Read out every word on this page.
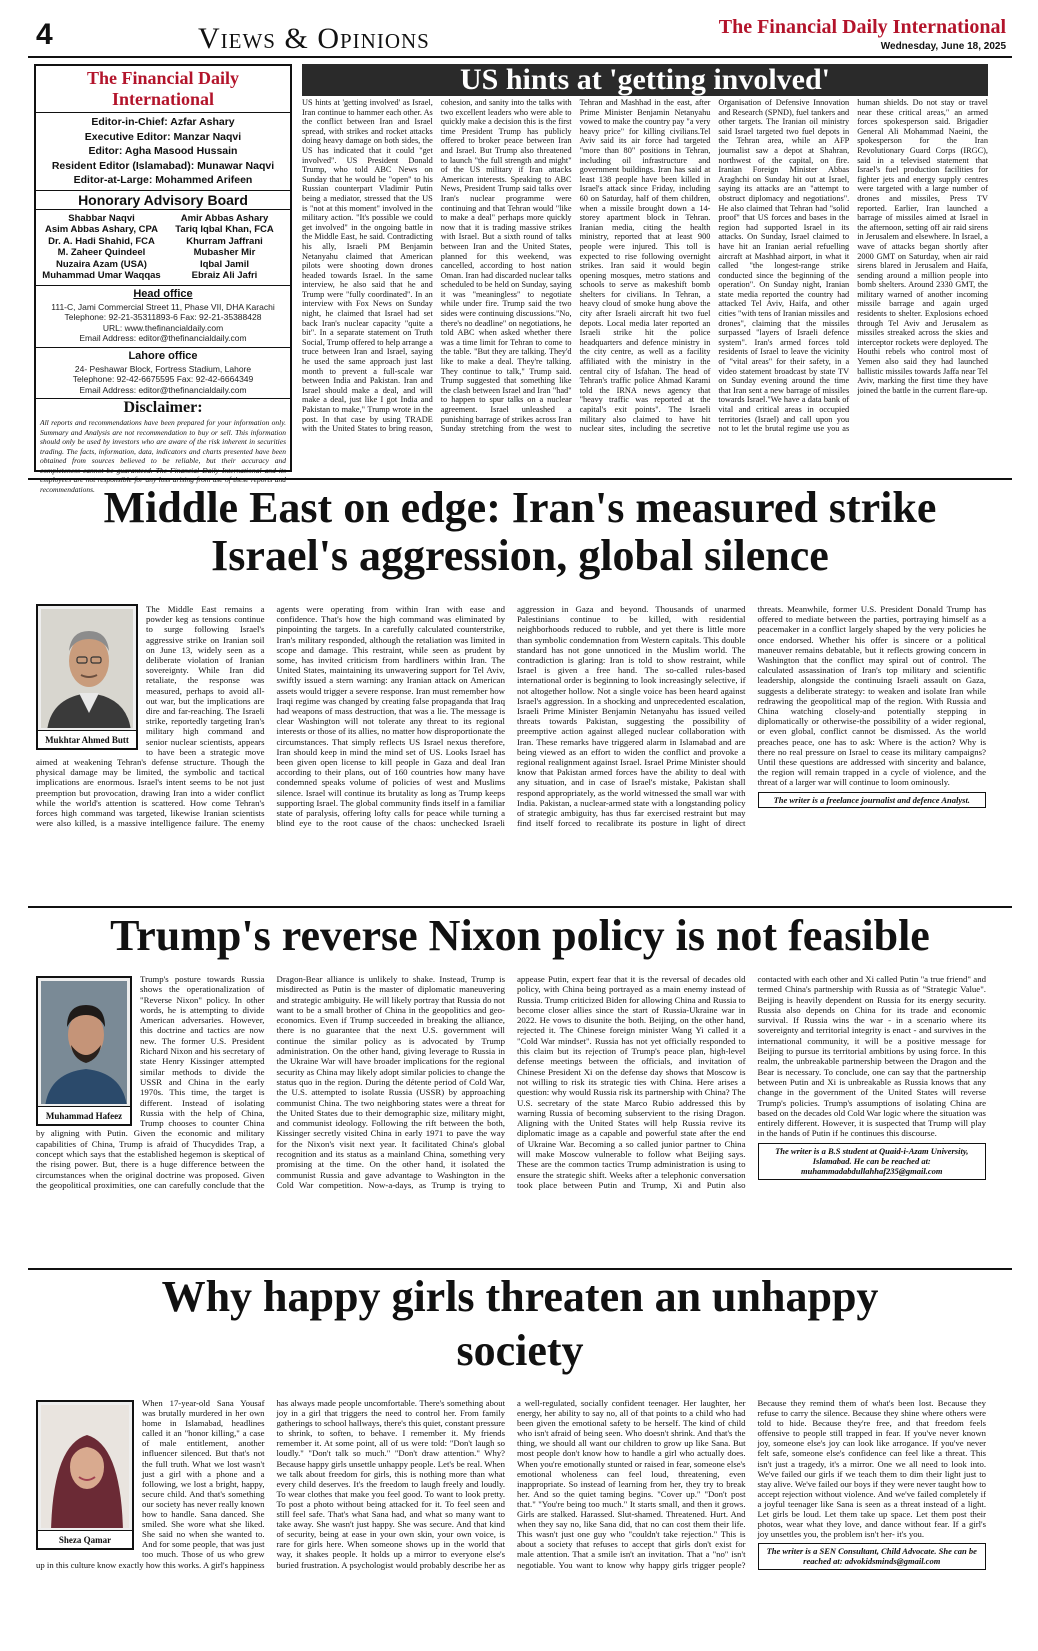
4	Views & Opinions	The Financial Daily International
Wednesday, June 18, 2025
The Financial Daily International
Editor-in-Chief: Azfar Ashary
Executive Editor: Manzar Naqvi
Editor: Agha Masood Hussain
Resident Editor (Islamabad): Munawar Naqvi
Editor-at-Large: Mohammed Arifeen
Honorary Advisory Board
Shabbar Naqvi
Asim Abbas Ashary, CPA
Dr. A. Hadi Shahid, FCA
M. Zaheer Quindeel
Nuzaira Azam (USA)
Muhammad Umar Waqqas
Amir Abbas Ashary
Tariq Iqbal Khan, FCA
Khurram Jaffrani
Mubasher Mir
Iqbal Jamil
Ebraiz Ali Jafri
Head office
111-C, Jami Commercial Street 11, Phase VII, DHA Karachi
Telephone: 92-21-35311893-6 Fax: 92-21-35388428
URL: www.thefinancialdaily.com
Email Address: editor@thefinancialdaily.com
Lahore office
24- Peshawar Block, Fortress Stadium, Lahore
Telephone: 92-42-6675595 Fax: 92-42-6664349
Email Address: editor@thefinancialdaily.com
Disclaimer:
All reports and recommendations have been prepared for your information only. Summary and Analysis are not recommendation to buy or sell. This information should only be used by investors who are aware of the risk inherent in securities trading. The facts, information, data, indicators and charts presented have been obtained from sources believed to be reliable, but their accuracy and completeness cannot be guaranteed. The Financial Daily International and its recommendations.
US hints at 'getting involved'
US hints at 'getting involved' as Israel, Iran continue to hammer each other. As the conflict between Iran and Israel spread, with strikes and rocket attacks doing heavy damage on both sides, the US has indicated that it could "get involved". US President Donald Trump, who told ABC News on Sunday that he would be "open" to his Russian counterpart Vladimir Putin being a mediator, stressed that the US is "not at this moment" involved in the military action. "It's possible we could get involved" in the ongoing battle in the Middle East, he said. Contradicting his ally, Israeli PM Benjamin Netanyahu claimed that American pilots were shooting down drones headed towards Israel. In the same interview, he also said that he and Trump were "fully coordinated". In an interview with Fox News on Sunday night, he claimed that Israel had set back Iran's nuclear capacity "quite a bit". In a separate statement on Truth Social, Trump offered to help arrange a truce between Iran and Israel, saying he used the same approach just last month to prevent a full-scale war between India and Pakistan. Iran and Israel should make a deal, and will make a deal, just like I got India and Pakistan to make," Trump wrote in the post. In that case by using TRADE with the United States to bring reason, cohesion, and sanity into the talks with two excellent leaders who were able to quickly make a decision this is the first time President Trump has publicly offered to broker peace between Iran and Israel. But Trump also threatened to launch "the full strength and might" of the US military if Iran attacks American interests. Speaking to ABC News, President Trump said talks over Iran's nuclear programme were continuing and that Tehran would "like to make a deal" perhaps more quickly now that it is trading massive strikes with Israel. But a sixth round of talks between Iran and the United States, planned for this weekend, was cancelled, according to host nation Oman. Iran had discarded nuclear talks scheduled to be held on Sunday, saying it was "meaningless" to negotiate while under fire. Trump said the two sides were continuing discussions."No, there's no deadline" on negotiations, he told ABC when asked whether there was a time limit for Tehran to come to the table. "But they are talking. They'd like to make a deal. They're talking. They continue to talk," Trump said. Trump suggested that something like the clash between Israel and Iran "had" to happen to spur talks on a nuclear agreement. Israel unleashed a punishing barrage of strikes across Iran Sunday stretching from the west to Tehran and Mashhad in the east, after Prime Minister Benjamin Netanyahu vowed to make the country pay "a very heavy price" for killing civilians.Tel Aviv said its air force had targeted "more than 80" positions in Tehran, including oil infrastructure and government buildings. Iran has said at least 138 people have been killed in Israel's attack since Friday, including 60 on Saturday, half of them children, when a missile brought down a 14-storey apartment block in Tehran. Iranian media, citing the health ministry, reported that at least 900 people were injured. This toll is expected to rise following overnight strikes. Iran said it would begin opening mosques, metro stations and schools to serve as makeshift bomb shelters for civilians. In Tehran, a heavy cloud of smoke hung above the city after Israeli aircraft hit two fuel depots. Local media later reported an Israeli strike hit the police headquarters and defence ministry in the city centre, as well as a facility affiliated with the ministry in the central city of Isfahan. The head of Tehran's traffic police Ahmad Karami told the IRNA news agency that "heavy traffic was reported at the capital's exit points". The Israeli military also claimed to have hit nuclear sites, including the secretive Organisation of Defensive Innovation and Research (SPND), fuel tankers and other targets. The Iranian oil ministry said Israel targeted two fuel depots in the Tehran area, while an AFP journalist saw a depot at Shahran, northwest of the capital, on fire. Iranian Foreign Minister Abbas Araghchi on Sunday hit out at Israel, saying its attacks are an "attempt to obstruct diplomacy and negotiations". He also claimed that Tehran had "solid proof" that US forces and bases in the region had supported Israel in its attacks. On Sunday, Israel claimed to have hit an Iranian aerial refuelling aircraft at Mashhad airport, in what it called "the longest-range strike conducted since the beginning of the operation". On Sunday night, Iranian state media reported the country had attacked Tel Aviv, Haifa, and other cities "with tens of Iranian missiles and drones", claiming that the missiles surpassed "layers of Israeli defence system". Iran's armed forces told residents of Israel to leave the vicinity of "vital areas" for their safety, in a video statement broadcast by state TV on Sunday evening around the time that Iran sent a new barrage of missiles towards Israel."We have a data bank of vital and critical areas in occupied territories (Israel) and call upon you not to let the brutal regime use you as human shields. Do not stay or travel near these critical areas," an armed forces spokesperson said. Brigadier General Ali Mohammad Naeini, the spokesperson for the Iran Revolutionary Guard Corps (IRGC), said in a televised statement that Israel's fuel production facilities for fighter jets and energy supply centres were targeted with a large number of drones and missiles, Press TV reported. Earlier, Iran launched a barrage of missiles aimed at Israel in the afternoon, setting off air raid sirens in Jerusalem and elsewhere. In Israel, a wave of attacks began shortly after 2000 GMT on Saturday, when air raid sirens blared in Jerusalem and Haifa, sending around a million people into bomb shelters. Around 2330 GMT, the military warned of another incoming missile barrage and again urged residents to shelter. Explosions echoed through Tel Aviv and Jerusalem as missiles streaked across the skies and interceptor rockets were deployed. The Houthi rebels who control most of Yemen also said they had launched ballistic missiles towards Jaffa near Tel Aviv, marking the first time they have joined the battle in the current flare-up.
Middle East on edge: Iran's measured strike
Israel's aggression, global silence
Mukhtar Ahmed Butt
The Middle East remains a powder keg as tensions continue to surge following Israel's aggressive strike on Iranian soil on June 13, widely seen as a deliberate violation of Iranian sovereignty. While Iran did retaliate, the response was measured, perhaps to avoid all-out war, but the implications are dire and far-reaching. The Israeli strike, reportedly targeting Iran's military high command and senior nuclear scientists, appears to have been a strategic move aimed at weakening Tehran's defense structure. Though the physical damage may be limited, the symbolic and tactical implications are enormous. Israel's intent seems to be not just preemption but provocation, drawing Iran into a wider conflict while the world's attention is scattered. How come Tehran's forces high command was targeted, likewise Iranian scientists were also killed, is a massive intelligence failure. The enemy agents were operating from within Iran with ease and confidence. That's how the high command was eliminated by pinpointing the targets. In a carefully calculated counterstrike, Iran's military responded, although the retaliation was limited in scope and damage. This restraint, while seen as prudent by some, has invited criticism from hardliners within Iran. The United States, maintaining its unwavering support for Tel Aviv, swiftly issued a stern warning: any Iranian attack on American assets would trigger a severe response. Iran must remember how Iraqi regime was changed by creating false propaganda that Iraq had weapons of mass destruction, that was a lie. The message is clear Washington will not tolerate any threat to its regional interests or those of its allies, no matter how disproportionate the circumstances. That simply reflects US Israel nexus therefore, Iran should keep in mind the mind set of US. Looks Israel has been given open license to kill people in Gaza and deal Iran according to their plans, out of 160 countries how many have condemned speaks volume of policies of west and Muslims silence. Israel will continue its brutality as long as Trump keeps supporting Israel. The global community finds itself in a familiar state of paralysis, offering lofty calls for peace while turning a blind eye to the root cause of the chaos: unchecked Israeli aggression in Gaza and beyond. Thousands of unarmed Palestinians continue to be killed, with residential neighborhoods reduced to rubble, and yet there is little more than symbolic condemnation from Western capitals. This double standard has not gone unnoticed in the Muslim world. The contradiction is glaring: Iran is told to show restraint, while Israel is given a free hand. The so-called rules-based international order is beginning to look increasingly selective, if not altogether hollow. Not a single voice has been heard against Israel's aggression. In a shocking and unprecedented escalation, Israeli Prime Minister Benjamin Netanyahu has issued veiled threats towards Pakistan, suggesting the possibility of preemptive action against alleged nuclear collaboration with Iran. These remarks have triggered alarm in Islamabad and are being viewed as an effort to widen the conflict and provoke a regional realignment against Israel. Israel Prime Minister should know that Pakistan armed forces have the ability to deal with any situation, and in case of Israel's mistake, Pakistan shall respond appropriately, as the world witnessed the small war with India. Pakistan, a nuclear-armed state with a longstanding policy of strategic ambiguity, has thus far exercised restraint but may find itself forced to recalibrate its posture in light of direct threats. Meanwhile, former U.S. President Donald Trump has offered to mediate between the parties, portraying himself as a peacemaker in a conflict largely shaped by the very policies he once endorsed. Whether his offer is sincere or a political maneuver remains debatable, but it reflects growing concern in Washington that the conflict may spiral out of control. The calculated assassination of Iran's top military and scientific leadership, alongside the continuing Israeli assault on Gaza, suggests a deliberate strategy: to weaken and isolate Iran while redrawing the geopolitical map of the region. With Russia and China watching closely-and potentially stepping in diplomatically or otherwise-the possibility of a wider regional, or even global, conflict cannot be dismissed. As the world preaches peace, one has to ask: Where is the action? Why is there no real pressure on Israel to cease its military campaigns? Until these questions are addressed with sincerity and balance, the region will remain trapped in a cycle of violence, and the threat of a larger war will continue to loom ominously.
The writer is a freelance journalist and defence Analyst.
Trump's reverse Nixon policy is not feasible
Muhammad Hafeez
Trump's posture towards Russia shows the operationalization of "Reverse Nixon" policy. In other words, he is attempting to divide American adversaries. However, this doctrine and tactics are now new. The former U.S. President Richard Nixon and his secretary of state Henry Kissinger attempted similar methods to divide the USSR and China in the early 1970s. This time, the target is different. Instead of isolating Russia with the help of China, Trump chooses to counter China by aligning with Putin. Given the economic and military capabilities of China, Trump is afraid of Thucydides Trap, a concept which says that the established hegemon is skeptical of the rising power. But, there is a huge difference between the circumstances when the original doctrine was proposed. Given the geopolitical proximities, one can carefully conclude that the Dragon-Bear alliance is unlikely to shake. Instead, Trump is misdirected as Putin is the master of diplomatic maneuvering and strategic ambiguity. He will likely portray that Russia do not want to be a small brother of China in the geopolitics and geo-economics. Even if Trump succeeded in breaking the alliance, there is no guarantee that the next U.S. government will continue the similar policy as is advocated by Trump administration. On the other hand, giving leverage to Russia in the Ukraine War will have broader implications for the regional security as China may likely adopt similar policies to change the status quo in the region. During the détente period of Cold War, the U.S. attempted to isolate Russia (USSR) by approaching communist China. The two neighboring states were a threat for the United States due to their demographic size, military might, and communist ideology. Following the rift between the both, Kissinger secretly visited China in early 1971 to pave the way for the Nixon's visit next year. It facilitated China's global recognition and its status as a mainland China, something very promising at the time. On the other hand, it isolated the communist Russia and gave advantage to Washington in the Cold War competition. Now-a-days, as Trump is trying to appease Putin, expert fear that it is the reversal of decades old policy, with China being portrayed as a main enemy instead of Russia. Trump criticized Biden for allowing China and Russia to become closer allies since the start of Russia-Ukraine war in 2022. He vows to disunite the both. Beijing, on the other hand, rejected it. The Chinese foreign minister Wang Yi called it a "Cold War mindset". Russia has not yet officially responded to this claim but its rejection of Trump's peace plan, high-level defense meetings between the officials, and invitation of Chinese President Xi on the defense day shows that Moscow is not willing to risk its strategic ties with China. Here arises a question: why would Russia risk its partnership with China? The U.S. secretary of the state Marco Rubio addressed this by warning Russia of becoming subservient to the rising Dragon. Aligning with the United States will help Russia revive its diplomatic image as a capable and powerful state after the end of Ukraine War. Becoming a so called junior partner to China will make Moscow vulnerable to follow what Beijing says. These are the common tactics Trump administration is using to ensure the strategic shift. Weeks after a telephonic conversation took place between Putin and Trump, Xi and Putin also contacted with each other and Xi called Putin "a true friend" and termed China's partnership with Russia as of "Strategic Value". Beijing is heavily dependent on Russia for its energy security. Russia also depends on China for its trade and economic survival. If Russia wins the war - in a scenario where its sovereignty and territorial integrity is enact - and survives in the international community, it will be a positive message for Beijing to pursue its territorial ambitions by using force. In this realm, the unbreakable partnership between the Dragon and the Bear is necessary. To conclude, one can say that the partnership between Putin and Xi is unbreakable as Russia knows that any change in the government of the United States will reverse Trump's policies. Trump's assumptions of isolating China are based on the decades old Cold War logic where the situation was entirely different. However, it is suspected that Trump will play in the hands of Putin if he continues this discourse.
The writer is a B.S student at Quaid-i-Azam University, Islamabad. He can be reached at: muhammadabdullahhaf235@gmail.com
Why happy girls threaten an unhappy
society
Sheza Qamar
When 17-year-old Sana Yousaf was brutally murdered in her own home in Islamabad, headlines called it an "honor killing," a case of male entitlement, another influencer silenced. But that's not the full truth. What we lost wasn't just a girl with a phone and a following, we lost a bright, happy, secure child. And that's something our society has never really known how to handle. Sana danced. She smiled. She wore what she liked. She said no when she wanted to. And for some people, that was just too much. Those of us who grew up in this culture know exactly how this works. A girl's happiness has always made people uncomfortable. There's something about joy in a girl that triggers the need to control her. From family gatherings to school hallways, there's this quiet, constant pressure to shrink, to soften, to behave. I remember it. My friends remember it. At some point, all of us were told: "Don't laugh so loudly." "Don't talk so much." "Don't draw attention." Why? Because happy girls unsettle unhappy people. Let's be real. When we talk about freedom for girls, this is nothing more than what every child deserves. It's the freedom to laugh freely and loudly. To wear clothes that make you feel good. To want to look pretty. To post a photo without being attacked for it. To feel seen and still feel safe. That's what Sana had, and what so many want to take away. She wasn't just happy. She was secure. And that kind of security, being at ease in your own skin, your own voice, is rare for girls here. When someone shows up in the world that way, it shakes people. It holds up a mirror to everyone else's buried frustration. A psychologist would probably describe her as a well-regulated, socially confident teenager. Her laughter, her energy, her ability to say no, all of that points to a child who had been given the emotional safety to be herself. The kind of child who isn't afraid of being seen. Who doesn't shrink. And that's the thing, we should all want our children to grow up like Sana. But most people don't know how to handle a girl who actually does. When you're emotionally stunted or raised in fear, someone else's emotional wholeness can feel loud, threatening, even inappropriate. So instead of learning from her, they try to break her. And so the quiet taming begins. "Cover up." "Don't post that." "You're being too much." It starts small, and then it grows. Girls are stalked. Harassed. Slut-shamed. Threatened. Hurt. And when they say no, like Sana did, that no can cost them their life. This wasn't just one guy who "couldn't take rejection." This is about a society that refuses to accept that girls don't exist for male attention. That a smile isn't an invitation. That a "no" isn't negotiable. You want to know why happy girls trigger people? Because they remind them of what's been lost. Because they refuse to carry the silence. Because they shine where others were told to hide. Because they're free, and that freedom feels offensive to people still trapped in fear. If you've never known joy, someone else's joy can look like arrogance. If you've never felt safe, someone else's confidence can feel like a threat. This isn't just a tragedy, it's a mirror. One we all need to look into. We've failed our girls if we teach them to dim their light just to stay alive. We've failed our boys if they were never taught how to accept rejection without violence. And we've failed completely if a joyful teenager like Sana is seen as a threat instead of a light. Let girls be loud. Let them take up space. Let them post their photos, wear what they love, and dance without fear. If a girl's joy unsettles you, the problem isn't her- it's you.
The writer is a SEN Consultant, Child Advocate. She can be reached at: advokidsminds@gmail.com
